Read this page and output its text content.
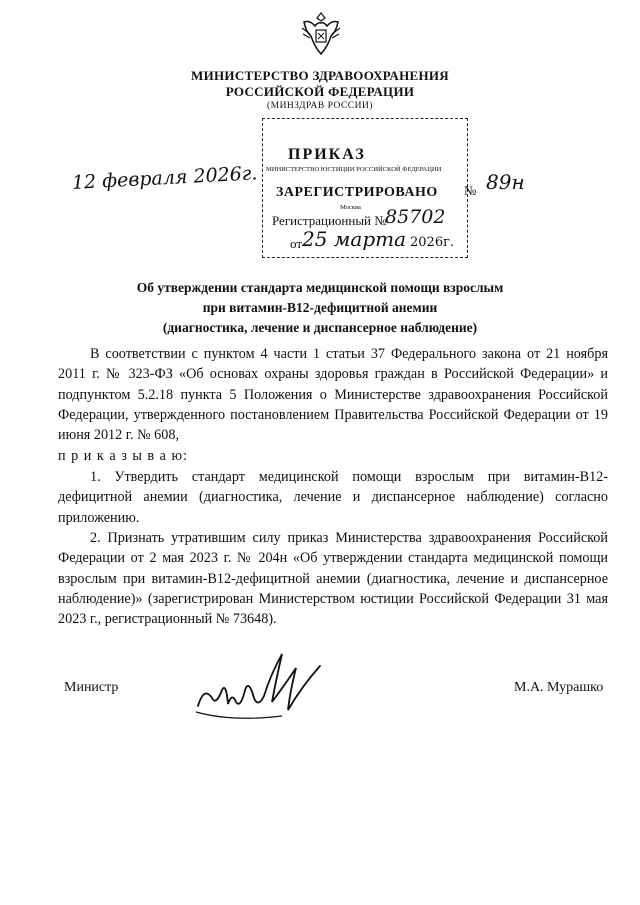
МИНИСТЕРСТВО ЗДРАВООХРАНЕНИЯ
РОССИЙСКОЙ ФЕДЕРАЦИИ
(МИНЗДРАВ РОССИИ)
ПРИКАЗ
МИНИСТЕРСТВО ЮСТИЦИИ РОССИЙСКОЙ ФЕДЕРАЦИИ
ЗАРЕГИСТРИРОВАНО
Москва
Регистрационный №
от
85702
25 марта 2026г.
12 февраля 2026г.	№ 89н
Об утверждении стандарта медицинской помощи взрослым
при витамин-B12-дефицитной анемии
(диагностика, лечение и диспансерное наблюдение)
В соответствии с пунктом 4 части 1 статьи 37 Федерального закона от 21 ноября 2011 г. № 323-ФЗ «Об основах охраны здоровья граждан в Российской Федерации» и подпунктом 5.2.18 пункта 5 Положения о Министерстве здравоохранения Российской Федерации, утвержденного постановлением Правительства Российской Федерации от 19 июня 2012 г. № 608,
п р и к а з ы в а ю:
1. Утвердить стандарт медицинской помощи взрослым при витамин-B12-дефицитной анемии (диагностика, лечение и диспансерное наблюдение) согласно приложению.
2. Признать утратившим силу приказ Министерства здравоохранения Российской Федерации от 2 мая 2023 г. № 204н «Об утверждении стандарта медицинской помощи взрослым при витамин-B12-дефицитной анемии (диагностика, лечение и диспансерное наблюдение)» (зарегистрирован Министерством юстиции Российской Федерации 31 мая 2023 г., регистрационный № 73648).
Министр	М.А. Мурашко
